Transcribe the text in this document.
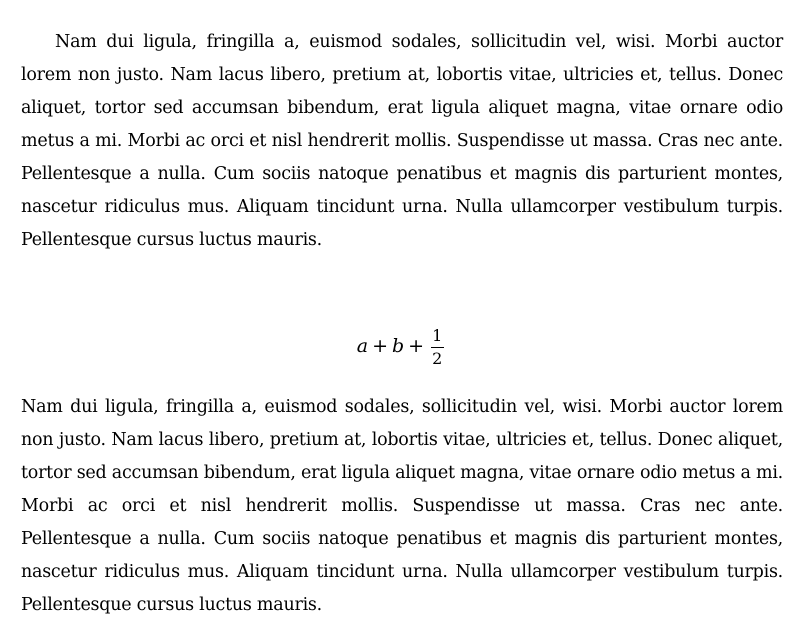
Nam dui ligula, fringilla a, euismod sodales, sollicitudin vel, wisi. Morbi auctor lorem non justo. Nam lacus libero, pretium at, lobortis vitae, ultricies et, tellus. Donec aliquet, tortor sed accumsan bibendum, erat ligula aliquet magna, vitae ornare odio metus a mi. Morbi ac orci et nisl hendrerit mollis. Suspendisse ut massa. Cras nec ante. Pellentesque a nulla. Cum sociis natoque penatibus et magnis dis parturient montes, nascetur ridiculus mus. Aliquam tincidunt urna. Nulla ullamcorper vestibulum turpis. Pellentesque cursus luctus mauris.

$a + b + \frac{1}{2}$

Nam dui ligula, fringilla a, euismod sodales, sollicitudin vel, wisi. Morbi auctor lorem non justo. Nam lacus libero, pretium at, lobortis vitae, ultricies et, tellus. Donec aliquet, tortor sed accumsan bibendum, erat ligula aliquet magna, vitae ornare odio metus a mi. Morbi ac orci et nisl hendrerit mollis. Suspendisse ut massa. Cras nec ante. Pellentesque a nulla. Cum sociis natoque penatibus et magnis dis parturient montes, nascetur ridiculus mus. Aliquam tincidunt urna. Nulla ullamcorper vestibulum turpis. Pellentesque cursus luctus mauris.
